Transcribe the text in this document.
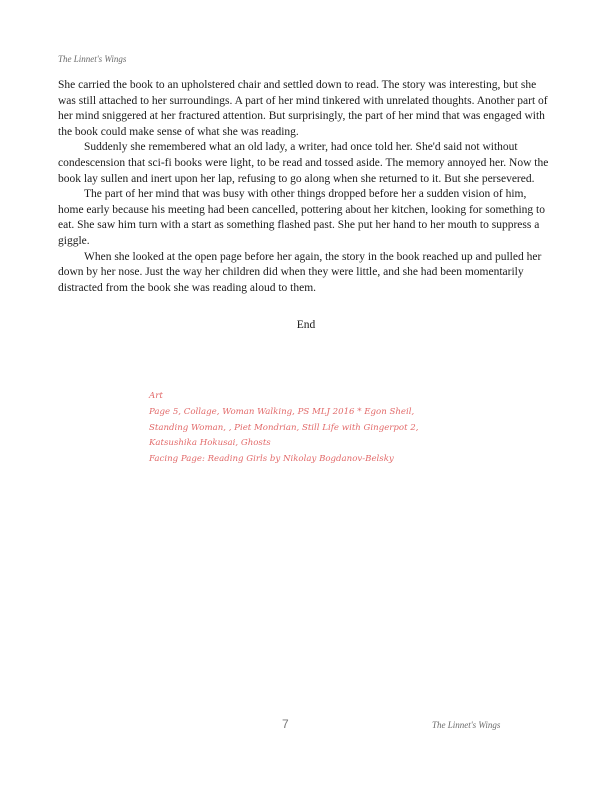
The Linnet's Wings

She carried the book to an upholstered chair and settled down to read. The story was interesting, but she was still attached to her surroundings. A part of her mind tinkered with unrelated thoughts. Another part of her mind sniggered at her fractured attention. But surprisingly, the part of her mind that was engaged with the book could make sense of what she was reading.

Suddenly she remembered what an old lady, a writer, had once told her. She'd said not without condescension that sci-fi books were light, to be read and tossed aside. The memory annoyed her. Now the book lay sullen and inert upon her lap, refusing to go along when she returned to it. But she persevered.

The part of her mind that was busy with other things dropped before her a sudden vision of him, home early because his meeting had been cancelled, pottering about her kitchen, looking for something to eat. She saw him turn with a start as something flashed past. She put her hand to her mouth to suppress a giggle.

When she looked at the open page before her again, the story in the book reached up and pulled her down by her nose. Just the way her children did when they were little, and she had been momentarily distracted from the book she was reading aloud to them.

End
Art
Page 5, Collage, Woman Walking, PS MLJ 2016 * Egon Sheil,
Standing Woman, , Piet Mondrian, Still Life with Gingerpot 2,
Katsushika Hokusai, Ghosts
Facing Page: Reading Girls by Nikolay Bogdanov-Belsky
7	The Linnet's Wings
